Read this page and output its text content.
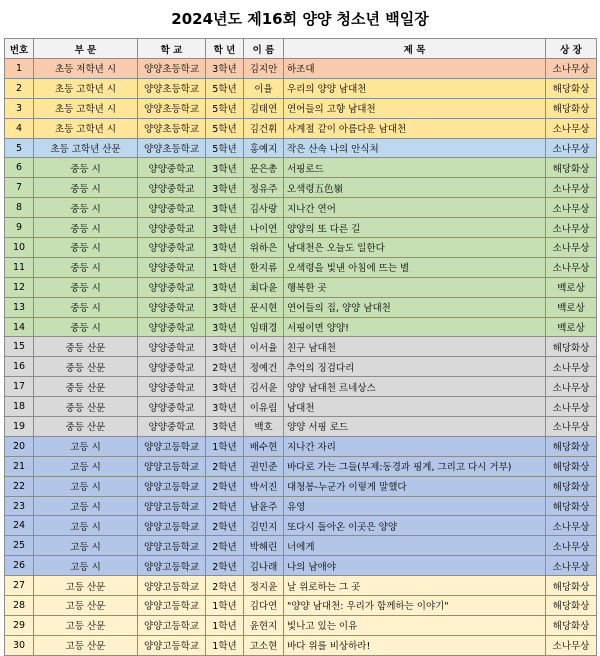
2024년도 제16회 양양 청소년 백일장
번호	부 문	학 교	학 년	이 름	제 목	상 장
1	초등 저학년 시	양양초등학교	3학년	김지안	하조대	소나무상
2	초등 고학년 시	양양초등학교	5학년	이율	우리의 양양 남대천	해당화상
3	초등 고학년 시	양양초등학교	5학년	김태연	연어들의 고향 남대천	해당화상
4	초등 고학년 시	양양초등학교	5학년	김건휘	사계절 같이 아름다운 남대천	소나무상
5	초등 고학년 산문	양양초등학교	5학년	홍예지	작은 산속 나의 안식처	소나무상
6	중등 시	양양중학교	3학년	문은총	서핑로드	해당화상
7	중등 시	양양중학교	3학년	정유주	오색령五色嶺	소나무상
8	중등 시	양양중학교	3학년	김사랑	지나간 연어	소나무상
9	중등 시	양양중학교	3학년	나이연	양양의 또 다른 길	소나무상
10	중등 시	양양중학교	3학년	위하은	남대천은 오늘도 일한다	소나무상
11	중등 시	양양중학교	1학년	한지류	오색령을 빛낸 아침에 뜨는 별	소나무상
12	중등 시	양양중학교	3학년	최다윤	행복한 곳	백로상
13	중등 시	양양중학교	3학년	문시현	연어들의 집, 양양 남대천	백로상
14	중등 시	양양중학교	3학년	임태경	서핑이면 양양!	백로상
15	중등 산문	양양중학교	3학년	이서율	친구 남대천	해당화상
16	중등 산문	양양중학교	2학년	정예건	추억의 징검다리	소나무상
17	중등 산문	양양중학교	3학년	김서윤	양양 남대천 르네상스	소나무상
18	중등 산문	양양중학교	3학년	이유림	남대천	소나무상
19	중등 산문	양양중학교	3학년	백호	양양 서핑 로드	소나무상
20	고등 시	양양고등학교	1학년	배수현	지나간 자리	해당화상
21	고등 시	양양고등학교	2학년	권민준	바다로 가는 그들(부제:동경과 핑계, 그리고 다시 거부)	해당화상
22	고등 시	양양고등학교	2학년	박서진	대청봉-누군가 이렇게 말했다	해당화상
23	고등 시	양양고등학교	2학년	남윤주	유영	해당화상
24	고등 시	양양고등학교	2학년	김민지	또다시 돌아온 이곳은 양양	소나무상
25	고등 시	양양고등학교	2학년	박해린	너에게	소나무상
26	고등 시	양양고등학교	2학년	김나래	나의 남애야	소나무상
27	고등 산문	양양고등학교	2학년	정지윤	날 위로하는 그 곳	해당화상
28	고등 산문	양양고등학교	1학년	김다연	"양양 남대천: 우리가 함께하는 이야기"	해당화상
29	고등 산문	양양고등학교	1학년	윤현지	빛나고 있는 이유	해당화상
30	고등 산문	양양고등학교	1학년	고소현	바다 위를 비상하라!	소나무상
